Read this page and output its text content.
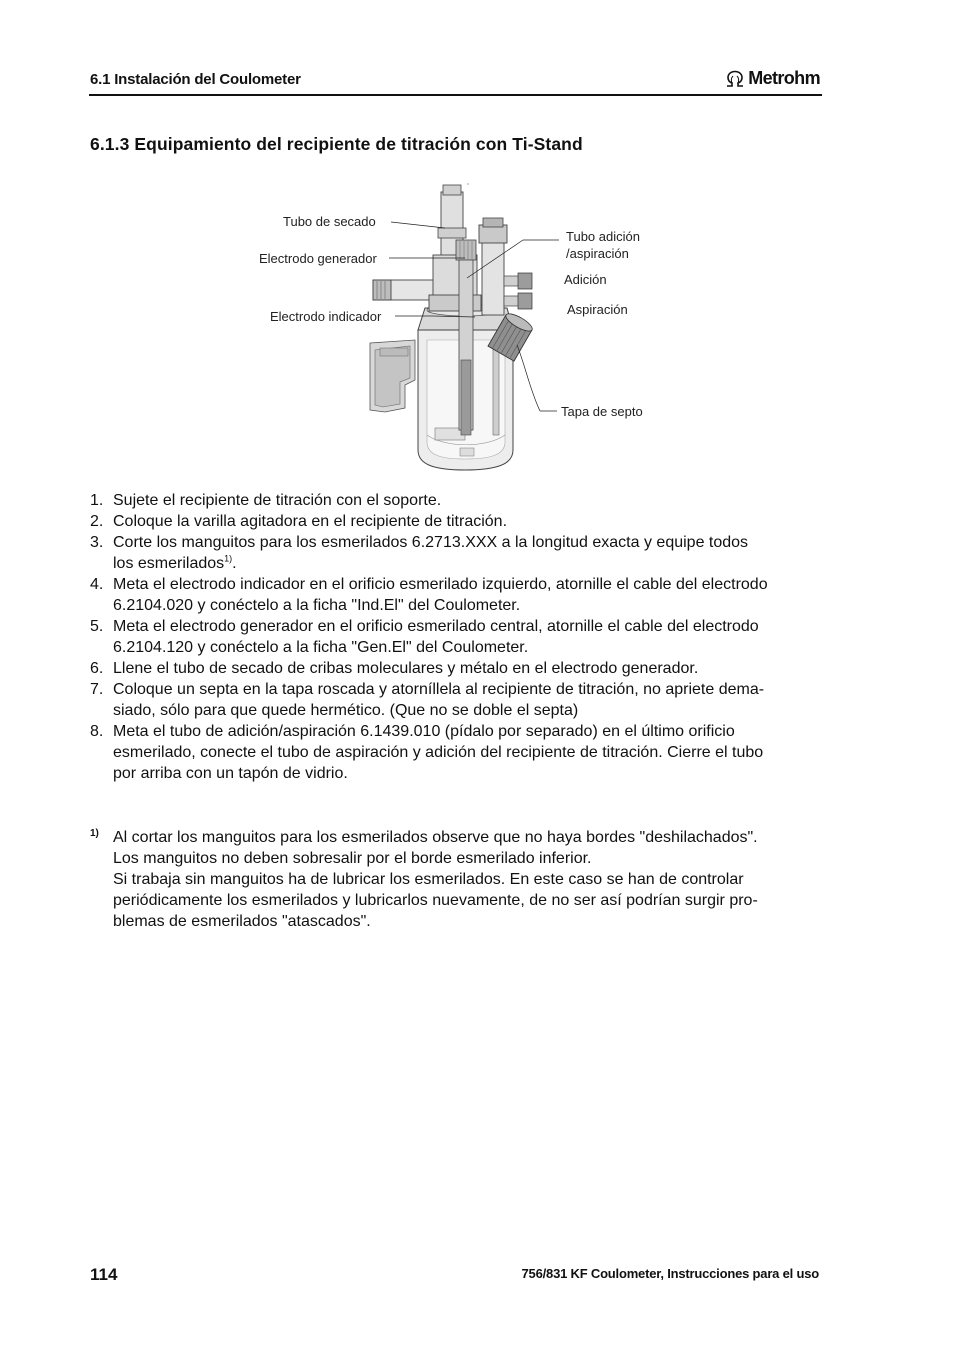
6.1 Instalación del Coulometer	Metrohm
6.1.3 Equipamiento del recipiente de titración con Ti-Stand
Tubo de secado
Electrodo generador
Electrodo indicador
Tubo adición
/aspiración
Adición
Aspiración
Tapa de septo
1. Sujete el recipiente de titración con el soporte.
2. Coloque la varilla agitadora en el recipiente de titración.
3. Corte los manguitos para los esmerilados 6.2713.XXX a la longitud exacta y equipe todos
los esmerilados$^{1)}$.
4. Meta el electrodo indicador en el orificio esmerilado izquierdo, atornille el cable del electrodo
6.2104.020 y conéctelo a la ficha "Ind.El" del Coulometer.
5. Meta el electrodo generador en el orificio esmerilado central, atornille el cable del electrodo
6.2104.120 y conéctelo a la ficha "Gen.El" del Coulometer.
6. Llene el tubo de secado de cribas moleculares y métalo en el electrodo generador.
7. Coloque un septa en la tapa roscada y atorníllela al recipiente de titración, no apriete dema-
siado, sólo para que quede hermético. (Que no se doble el septa)
8. Meta el tubo de adición/aspiración 6.1439.010 (pídalo por separado) en el último orificio
esmerilado, conecte el tubo de aspiración y adición del recipiente de titración. Cierre el tubo
por arriba con un tapón de vidrio.
1) Al cortar los manguitos para los esmerilados observe que no haya bordes "deshilachados".
Los manguitos no deben sobresalir por el borde esmerilado inferior.
Si trabaja sin manguitos ha de lubricar los esmerilados. En este caso se han de controlar
periódicamente los esmerilados y lubricarlos nuevamente, de no ser así podrían surgir pro-
blemas de esmerilados "atascados".
114	756/831 KF Coulometer, Instrucciones para el uso
